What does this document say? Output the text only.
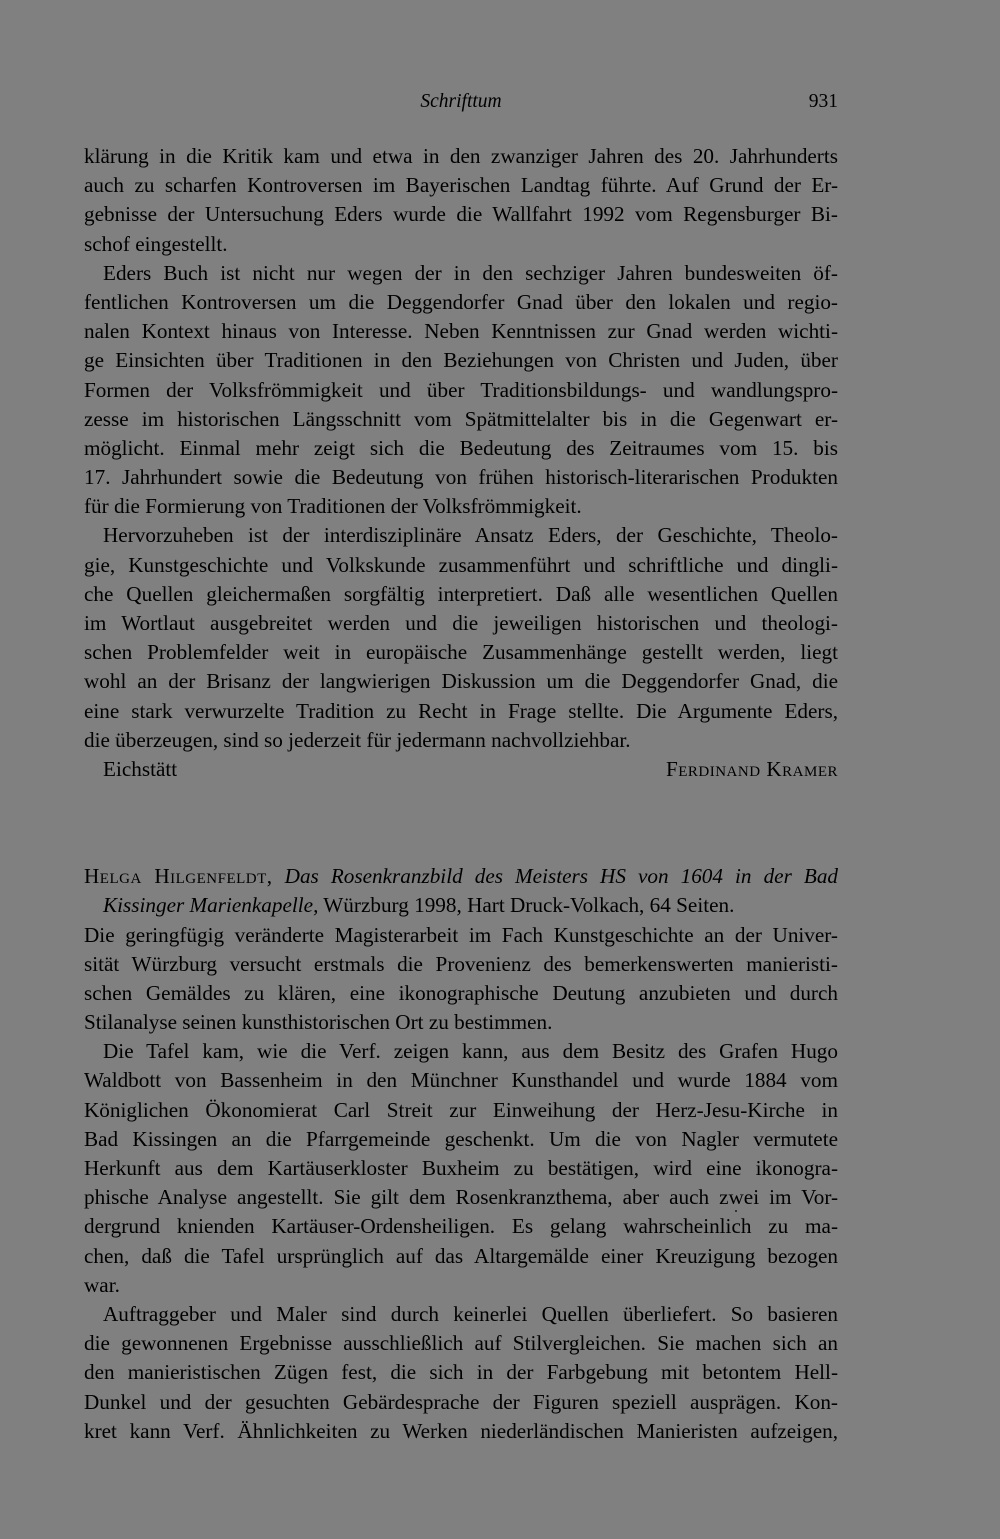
Schrifttum	931
klärung in die Kritik kam und etwa in den zwanziger Jahren des 20. Jahrhunderts
auch zu scharfen Kontroversen im Bayerischen Landtag führte. Auf Grund der Er-
gebnisse der Untersuchung Eders wurde die Wallfahrt 1992 vom Regensburger Bi-
schof eingestellt.
Eders Buch ist nicht nur wegen der in den sechziger Jahren bundesweiten öf-
fentlichen Kontroversen um die Deggendorfer Gnad über den lokalen und regio-
nalen Kontext hinaus von Interesse. Neben Kenntnissen zur Gnad werden wichti-
ge Einsichten über Traditionen in den Beziehungen von Christen und Juden, über
Formen der Volksfrömmigkeit und über Traditionsbildungs- und wandlungspro-
zesse im historischen Längsschnitt vom Spätmittelalter bis in die Gegenwart er-
möglicht. Einmal mehr zeigt sich die Bedeutung des Zeitraumes vom 15. bis
17. Jahrhundert sowie die Bedeutung von frühen historisch-literarischen Produkten
für die Formierung von Traditionen der Volksfrömmigkeit.
Hervorzuheben ist der interdisziplinäre Ansatz Eders, der Geschichte, Theolo-
gie, Kunstgeschichte und Volkskunde zusammenführt und schriftliche und dingli-
che Quellen gleichermaßen sorgfältig interpretiert. Daß alle wesentlichen Quellen
im Wortlaut ausgebreitet werden und die jeweiligen historischen und theologi-
schen Problemfelder weit in europäische Zusammenhänge gestellt werden, liegt
wohl an der Brisanz der langwierigen Diskussion um die Deggendorfer Gnad, die
eine stark verwurzelte Tradition zu Recht in Frage stellte. Die Argumente Eders,
die überzeugen, sind so jederzeit für jedermann nachvollziehbar.
Eichstätt	Ferdinand Kramer
Helga Hilgenfeldt, Das Rosenkranzbild des Meisters HS von 1604 in der Bad
Kissinger Marienkapelle, Würzburg 1998, Hart Druck-Volkach, 64 Seiten.
Die geringfügig veränderte Magisterarbeit im Fach Kunstgeschichte an der Univer-
sität Würzburg versucht erstmals die Provenienz des bemerkenswerten manieristi-
schen Gemäldes zu klären, eine ikonographische Deutung anzubieten und durch
Stilanalyse seinen kunsthistorischen Ort zu bestimmen.
Die Tafel kam, wie die Verf. zeigen kann, aus dem Besitz des Grafen Hugo
Waldbott von Bassenheim in den Münchner Kunsthandel und wurde 1884 vom
Königlichen Ökonomierat Carl Streit zur Einweihung der Herz-Jesu-Kirche in
Bad Kissingen an die Pfarrgemeinde geschenkt. Um die von Nagler vermutete
Herkunft aus dem Kartäuserkloster Buxheim zu bestätigen, wird eine ikonogra-
phische Analyse angestellt. Sie gilt dem Rosenkranzthema, aber auch zwei im Vor-
dergrund knienden Kartäuser-Ordensheiligen. Es gelang wahrscheinlich zu ma-
chen, daß die Tafel ursprünglich auf das Altargemälde einer Kreuzigung bezogen
war.
Auftraggeber und Maler sind durch keinerlei Quellen überliefert. So basieren
die gewonnenen Ergebnisse ausschließlich auf Stilvergleichen. Sie machen sich an
den manieristischen Zügen fest, die sich in der Farbgebung mit betontem Hell-
Dunkel und der gesuchten Gebärdesprache der Figuren speziell ausprägen. Kon-
kret kann Verf. Ähnlichkeiten zu Werken niederländischen Manieristen aufzeigen,
